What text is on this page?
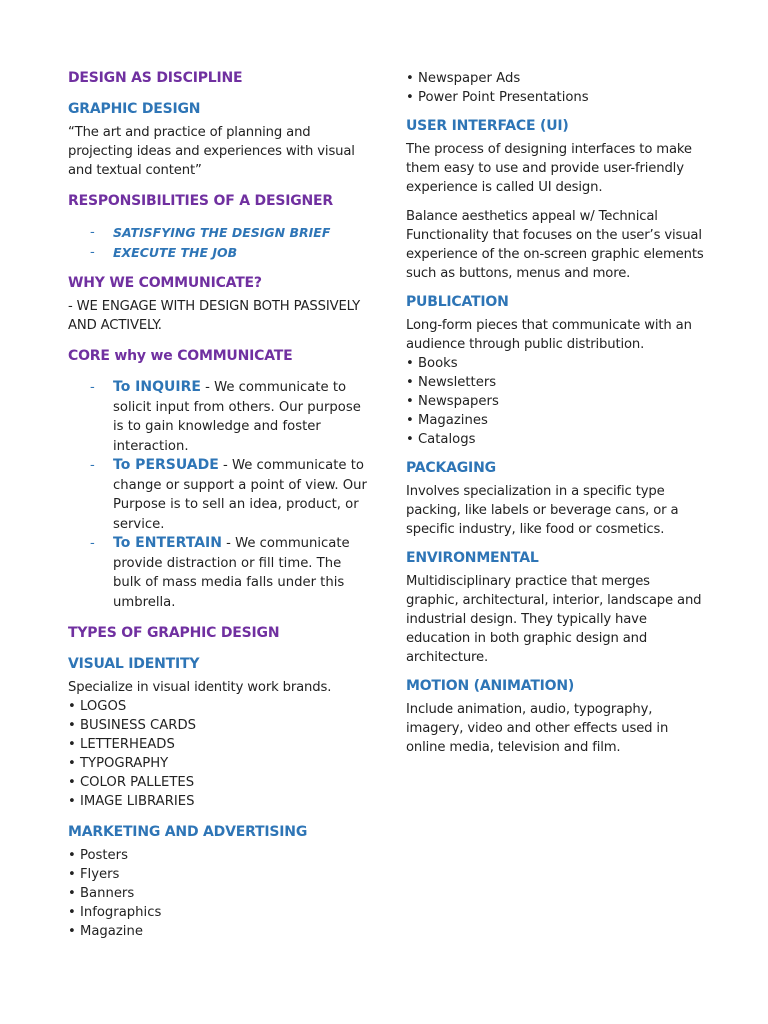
DESIGN AS DISCIPLINE

GRAPHIC DESIGN

“The art and practice of planning and projecting ideas and experiences with visual and textual content”

RESPONSIBILITIES OF A DESIGNER

-	SATISFYING THE DESIGN BRIEF
-	EXECUTE THE JOB

WHY WE COMMUNICATE?

- WE ENGAGE WITH DESIGN BOTH PASSIVELY AND ACTIVELY.

CORE why we COMMUNICATE

-	To INQUIRE - We communicate to solicit input from others. Our purpose is to gain knowledge and foster interaction.
-	To PERSUADE - We communicate to change or support a point of view. Our Purpose is to sell an idea, product, or service.
-	To ENTERTAIN - We communicate provide distraction or fill time. The bulk of mass media falls under this umbrella.

TYPES OF GRAPHIC DESIGN

VISUAL IDENTITY

Specialize in visual identity work brands.

• LOGOS
• BUSINESS CARDS
• LETTERHEADS
• TYPOGRAPHY
• COLOR PALLETES
• IMAGE LIBRARIES

MARKETING AND ADVERTISING

• Posters
• Flyers
• Banners
• Infographics
• Magazine
• Newspaper Ads
• Power Point Presentations

USER INTERFACE (UI)

The process of designing interfaces to make them easy to use and provide user-friendly experience is called UI design.

Balance aesthetics appeal w/ Technical Functionality that focuses on the user’s visual experience of the on-screen graphic elements such as buttons, menus and more.

PUBLICATION

Long-form pieces that communicate with an audience through public distribution.

• Books
• Newsletters
• Newspapers
• Magazines
• Catalogs

PACKAGING

Involves specialization in a specific type packing, like labels or beverage cans, or a specific industry, like food or cosmetics.

ENVIRONMENTAL

Multidisciplinary practice that merges graphic, architectural, interior, landscape and industrial design. They typically have education in both graphic design and architecture.

MOTION (ANIMATION)

Include animation, audio, typography, imagery, video and other effects used in online media, television and film.
